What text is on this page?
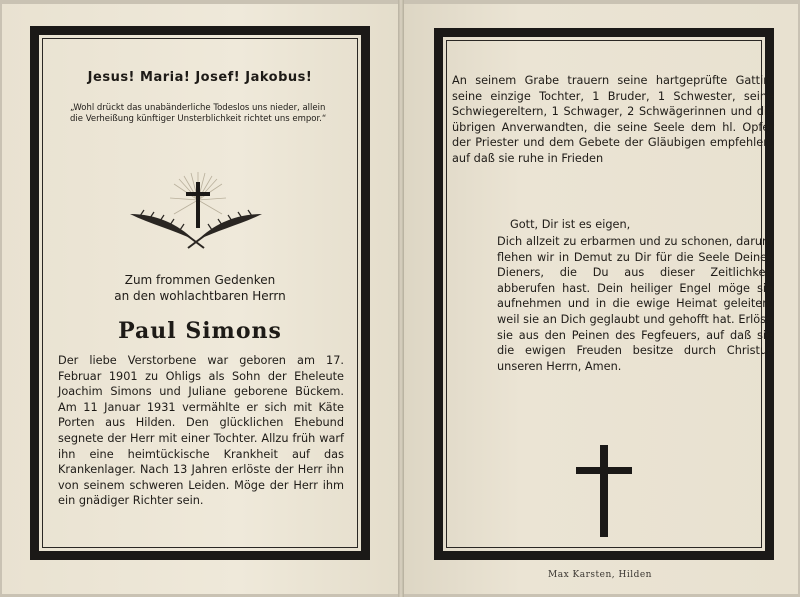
Jesus! Maria! Josef! Jakobus!
„Wohl drückt das unabänderliche Todeslos uns nieder, allein die Verheißung künftiger Unsterblichkeit richtet uns empor.“
Zum frommen Gedenken
an den wohlachtbaren Herrn
Paul Simons
Der liebe Verstorbene war geboren am 17. Februar 1901 zu Ohligs als Sohn der Eheleute Joachim Simons und Juliane geborene Bückem. Am 11 Januar 1931 vermählte er sich mit Käte Porten aus Hilden. Den glücklichen Ehebund segnete der Herr mit einer Tochter. Allzu früh warf ihn eine heimtückische Krankheit auf das Krankenlager. Nach 13 Jahren erlöste der Herr ihn von seinem schweren Leiden. Möge der Herr ihm ein gnädiger Richter sein.
An seinem Grabe trauern seine hartgeprüfte Gattin, seine einzige Tochter, 1 Bruder, 1 Schwester, seine Schwiegereltern, 1 Schwager, 2 Schwägerinnen und die übrigen Anverwandten, die seine Seele dem hl. Opfer der Priester und dem Gebete der Gläubigen empfehlen, auf daß sie ruhe in Frieden
Gott, Dir ist es eigen,
Dich allzeit zu erbarmen und zu schonen, darum flehen wir in Demut zu Dir für die Seele Deines Dieners, die Du aus dieser Zeitlichkeit abberufen hast. Dein heiliger Engel möge sie aufnehmen und in die ewige Heimat geleiten, weil sie an Dich geglaubt und gehofft hat. Erlöse sie aus den Peinen des Fegfeuers, auf daß sie die ewigen Freuden besitze durch Christus unseren Herrn, Amen.
Max Karsten, Hilden
